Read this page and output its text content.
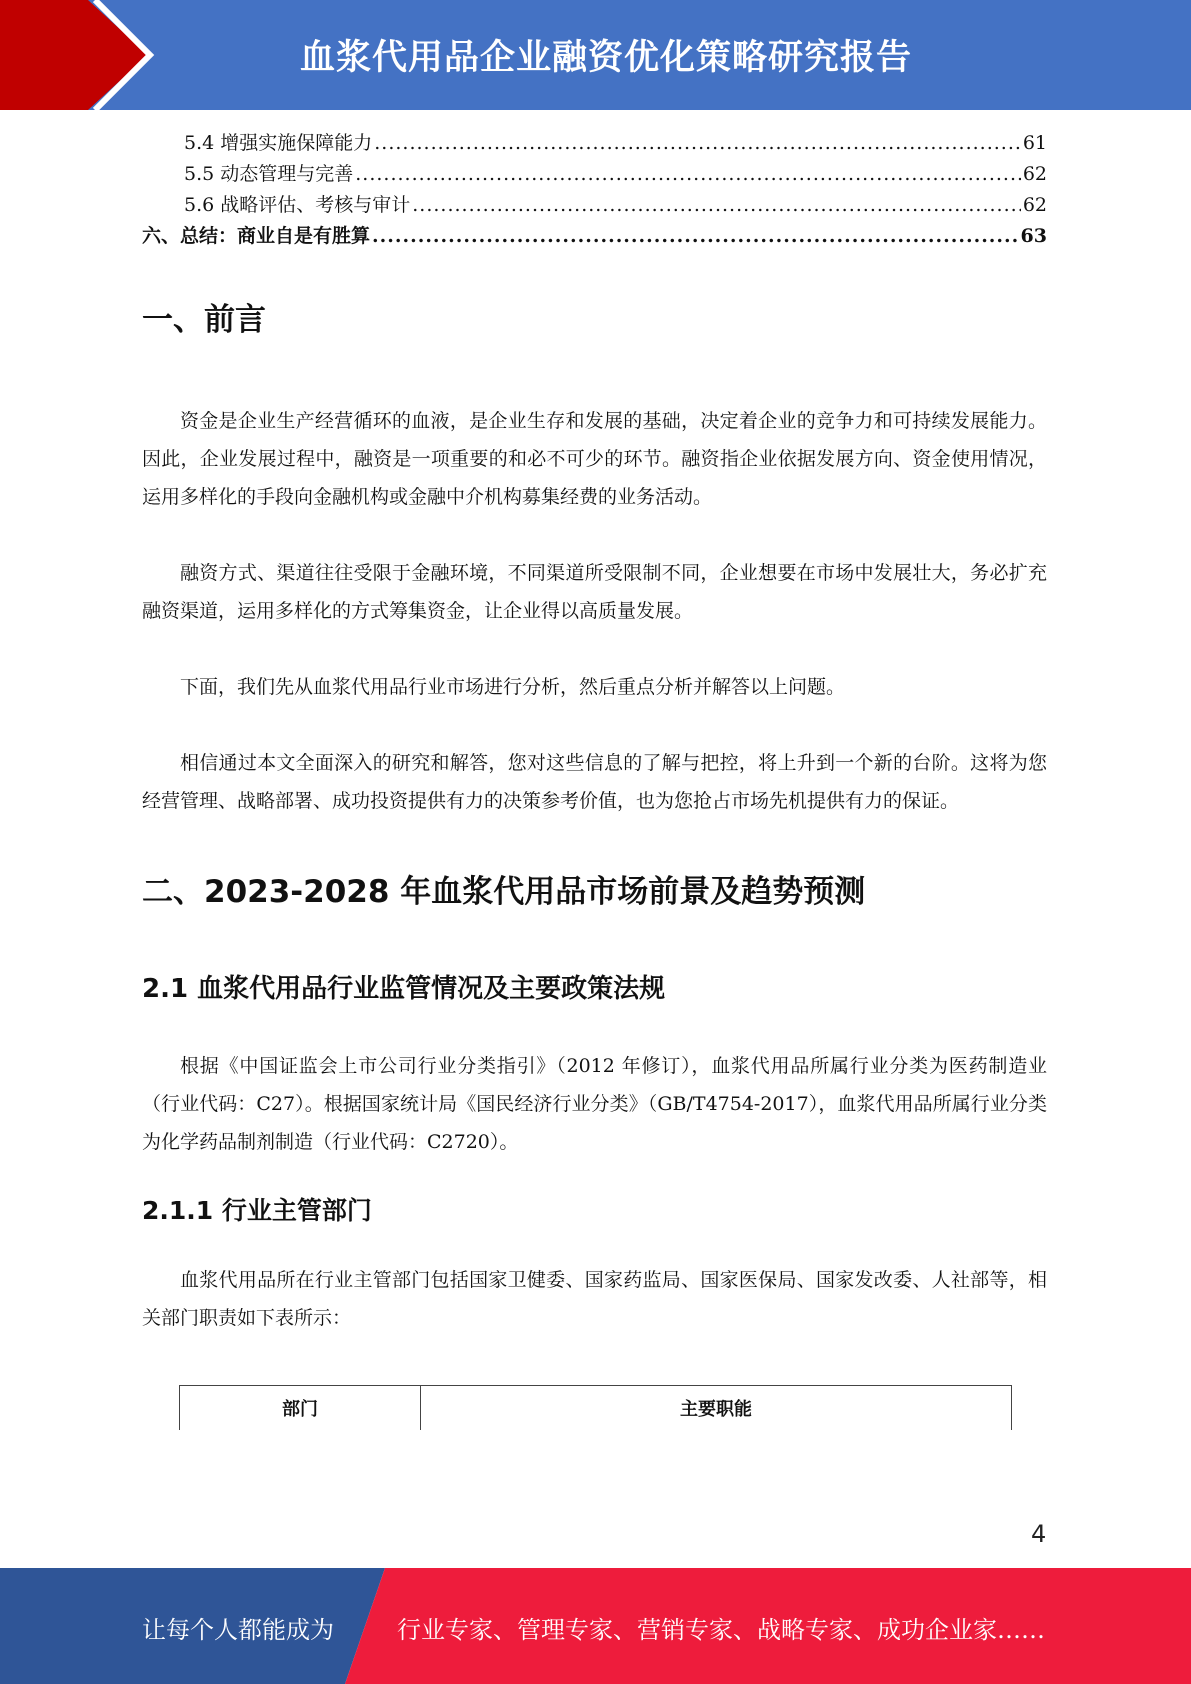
血浆代用品企业融资优化策略研究报告
5.4 增强实施保障能力 .....	61
5.5 动态管理与完善 .....	62
5.6 战略评估、考核与审计 .....	62
六、总结：商业自是有胜算 .....	63
一、前言

资金是企业生产经营循环的血液，是企业生存和发展的基础，决定着企业的竞争力和可持续发展能力。因此，企业发展过程中，融资是一项重要的和必不可少的环节。融资指企业依据发展方向、资金使用情况，运用多样化的手段向金融机构或金融中介机构募集经费的业务活动。

融资方式、渠道往往受限于金融环境，不同渠道所受限制不同，企业想要在市场中发展壮大，务必扩充融资渠道，运用多样化的方式筹集资金，让企业得以高质量发展。

下面，我们先从血浆代用品行业市场进行分析，然后重点分析并解答以上问题。

相信通过本文全面深入的研究和解答，您对这些信息的了解与把控，将上升到一个新的台阶。这将为您经营管理、战略部署、成功投资提供有力的决策参考价值，也为您抢占市场先机提供有力的保证。

二、2023-2028 年血浆代用品市场前景及趋势预测
2.1 血浆代用品行业监管情况及主要政策法规

根据《中国证监会上市公司行业分类指引》（2012 年修订），血浆代用品所属行业分类为医药制造业（行业代码：C27）。根据国家统计局《国民经济行业分类》（GB/T4754-2017），血浆代用品所属行业分类为化学药品制剂制造（行业代码：C2720）。

2.1.1 行业主管部门

血浆代用品所在行业主管部门包括国家卫健委、国家药监局、国家医保局、国家发改委、人社部等，相关部门职责如下表所示：

部门	主要职能
4
让每个人都能成为	行业专家、管理专家、营销专家、战略专家、成功企业家……
